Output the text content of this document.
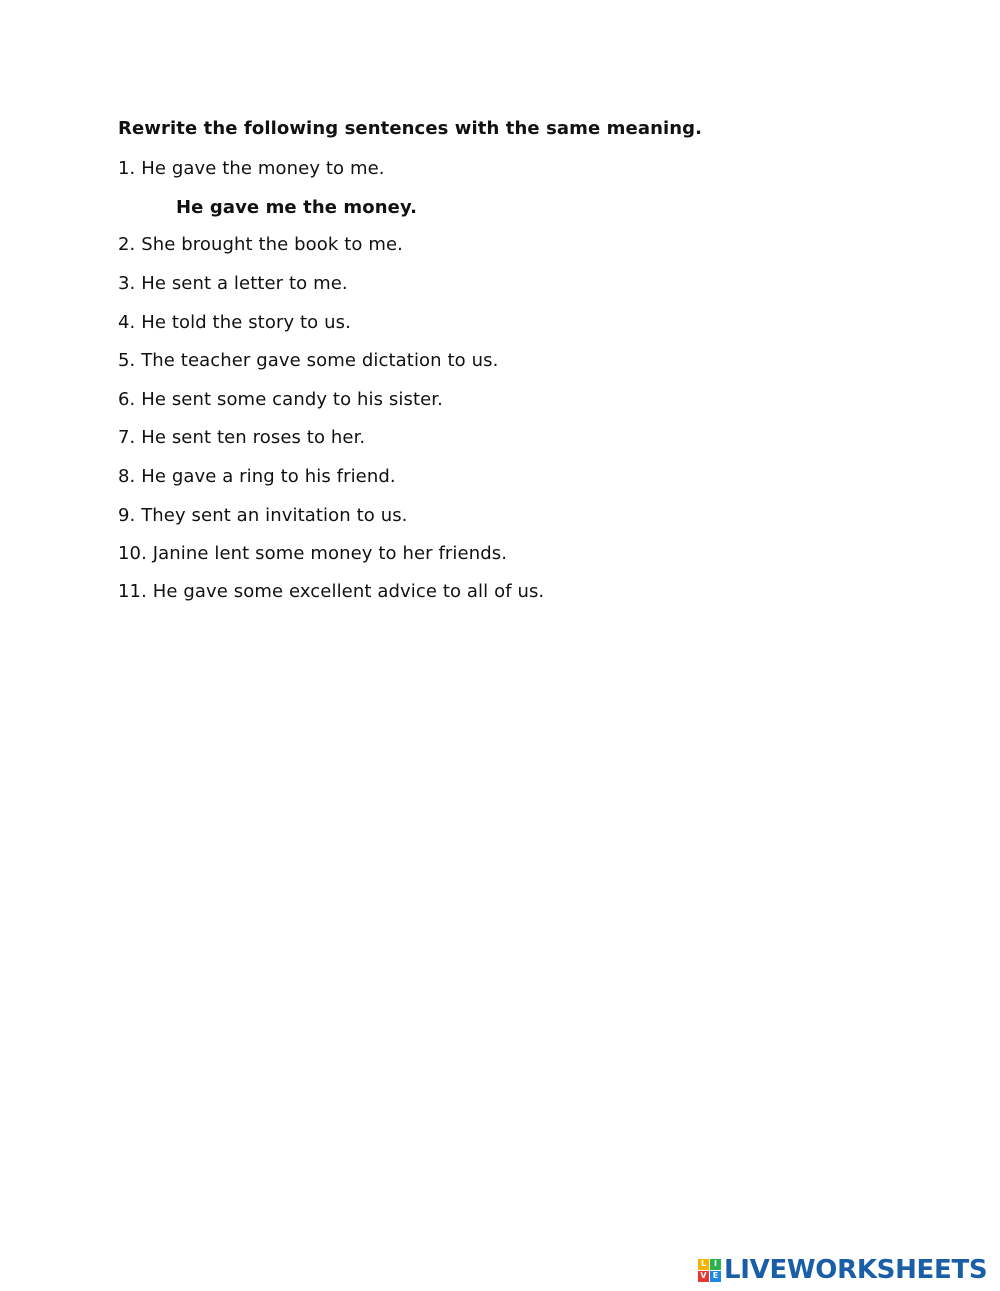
Rewrite the following sentences with the same meaning.
1. He gave the money to me.
He gave me the money.
2. She brought the book to me.
3. He sent a letter to me.
4. He told the story to us.
5. The teacher gave some dictation to us.
6. He sent some candy to his sister.
7. He sent ten roses to her.
8. He gave a ring to his friend.
9. They sent an invitation to us.
10. Janine lent some money to her friends.
11. He gave some excellent advice to all of us.
L I
V E LIVEWORKSHEETS
